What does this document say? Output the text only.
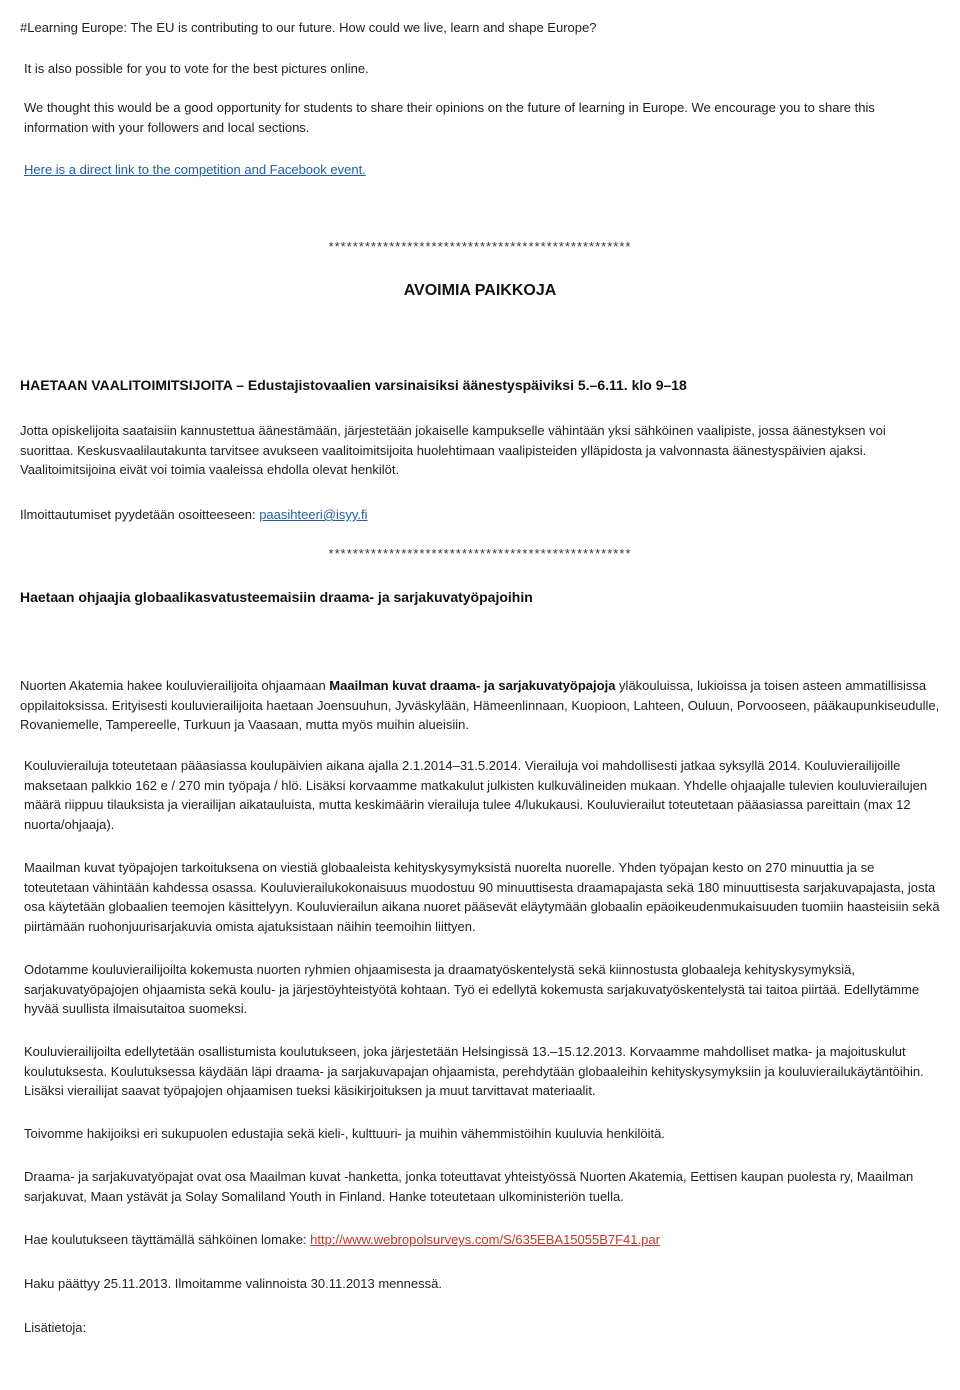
#Learning Europe: The EU is contributing to our future. How could we live, learn and shape Europe?
It is also possible for you to vote for the best pictures online.
We thought this would be a good opportunity for students to share their opinions on the future of learning in Europe. We encourage you to share this information with your followers and local sections.
Here is a direct link to the competition and Facebook event.
**************************************************
AVOIMIA PAIKKOJA
HAETAAN VAALITOIMITSIJOITA – Edustajistovaalien varsinaisiksi äänestyspäiviksi 5.–6.11. klo 9–18
Jotta opiskelijoita saataisiin kannustettua äänestämään, järjestetään jokaiselle kampukselle vähintään yksi sähköinen vaalipiste, jossa äänestyksen voi suorittaa. Keskusvaalilautakunta tarvitsee avukseen vaalitoimitsijoita huolehtimaan vaalipisteiden ylläpidosta ja valvonnasta äänestyspäivien ajaksi. Vaalitoimitsijoina eivät voi toimia vaaleissa ehdolla olevat henkilöt.
Ilmoittautumiset pyydetään osoitteeseen: paasihteeri@isyy.fi
**************************************************
Haetaan ohjaajia globaalikasvatusteemaisiin draama- ja sarjakuvatyöpajoihin
Nuorten Akatemia hakee kouluvierailijoita ohjaamaan Maailman kuvat draama- ja sarjakuvatyöpajoja yläkouluissa, lukioissa ja toisen asteen ammatillisissa oppilaitoksissa. Erityisesti kouluvierailijoita haetaan Joensuuhun, Jyväskylään, Hämeenlinnaan, Kuopioon, Lahteen, Ouluun, Porvooseen, pääkaupunkiseudulle, Rovaniemelle, Tampereelle, Turkuun ja Vaasaan, mutta myös muihin alueisiin.
Kouluvierailuja toteutetaan pääasiassa koulupäivien aikana ajalla 2.1.2014–31.5.2014. Vierailuja voi mahdollisesti jatkaa syksyllä 2014. Kouluvierailijoille maksetaan palkkio 162 e / 270 min työpaja / hlö. Lisäksi korvaamme matkakulut julkisten kulkuvälineiden mukaan. Yhdelle ohjaajalle tulevien kouluvierailujen määrä riippuu tilauksista ja vierailijan aikatauluista, mutta keskimäärin vierailuja tulee 4/lukukausi. Kouluvierailut toteutetaan pääasiassa pareittain (max 12 nuorta/ohjaaja).
Maailman kuvat työpajojen tarkoituksena on viestiä globaaleista kehityskysymyksistä nuorelta nuorelle. Yhden työpajan kesto on 270 minuuttia ja se toteutetaan vähintään kahdessa osassa. Kouluvierailukokonaisuus muodostuu 90 minuuttisesta draamapajasta sekä 180 minuuttisesta sarjakuvapajasta, josta osa käytetään globaalien teemojen käsittelyyn. Kouluvierailun aikana nuoret pääsevät eläytymään globaalin epäoikeudenmukaisuuden tuomiin haasteisiin sekä piirtämään ruohonjuurisarjakuvia omista ajatuksistaan näihin teemoihin liittyen.
Odotamme kouluvierailijoilta kokemusta nuorten ryhmien ohjaamisesta ja draamatyöskentelystä sekä kiinnostusta globaaleja kehityskysymyksiä, sarjakuvatyöpajojen ohjaamista sekä koulu- ja järjestöyhteistyötä kohtaan. Työ ei edellytä kokemusta sarjakuvatyöskentelystä tai taitoa piirtää. Edellytämme hyvää suullista ilmaisutaitoa suomeksi.
Kouluvierailijoilta edellytetään osallistumista koulutukseen, joka järjestetään Helsingissä 13.–15.12.2013. Korvaamme mahdolliset matka- ja majoituskulut koulutuksesta. Koulutuksessa käydään läpi draama- ja sarjakuvapajan ohjaamista, perehdytään globaaleihin kehityskysymyksiin ja kouluvierailukäytäntöihin. Lisäksi vierailijat saavat työpajojen ohjaamisen tueksi käsikirjoituksen ja muut tarvittavat materiaalit.
Toivomme hakijoiksi eri sukupuolen edustajia sekä kieli-, kulttuuri- ja muihin vähemmistöihin kuuluvia henkilöitä.
Draama- ja sarjakuvatyöpajat ovat osa Maailman kuvat -hanketta, jonka toteuttavat yhteistyössä Nuorten Akatemia, Eettisen kaupan puolesta ry, Maailman sarjakuvat, Maan ystävät ja Solay Somaliland Youth in Finland. Hanke toteutetaan ulkoministeriön tuella.
Hae koulutukseen täyttämällä sähköinen lomake: http://www.webropolsurveys.com/S/635EBA15055B7F41.par
Haku päättyy 25.11.2013. Ilmoitamme valinnoista 30.11.2013 mennessä.
Lisätietoja:
